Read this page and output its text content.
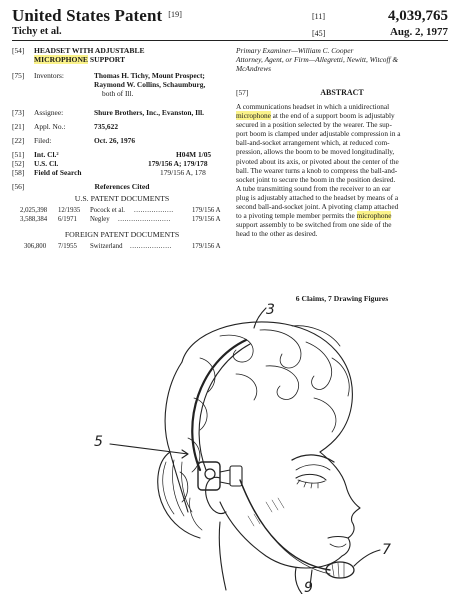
United States Patent [19]
Tichy et al.
[11]	4,039,765
[45]	Aug. 2, 1977
[54] HEADSET WITH ADJUSTABLE
MICROPHONE SUPPORT
[75] Inventors:	Thomas H. Tichy, Mount Prospect;
Raymond W. Collins, Schaumburg,
both of Ill.
[73] Assignee:	Shure Brothers, Inc., Evanston, Ill.
[21] Appl. No.:	735,622
[22] Filed:	Oct. 26, 1976
[51] Int. Cl.²	H04M 1/05
[52] U.S. Cl.	179/156 A; 179/178
[58] Field of Search	179/156 A, 178
[56]	References Cited
U.S. PATENT DOCUMENTS
2,025,398 12/1935 Pocock et al. ..................	179/156 A
3,588,384 6/1971 Negley ........................	179/156 A
FOREIGN PATENT DOCUMENTS
306,800 7/1955 Switzerland ...................	179/156 A
Primary Examiner—William C. Cooper
Attorney, Agent, or Firm—Allegretti, Newitt, Witcoff &
McAndrews
[57]	ABSTRACT
A communications headset in which a unidirectional
microphone at the end of a support boom is adjustably
secured in a position selected by the wearer. The sup-
port boom is clamped under adjustable compression in a
ball-and-socket arrangement which, at reduced com-
pression, allows the boom to be moved longitudinally,
pivoted about its axis, or pivoted about the center of the
ball. The wearer turns a knob to compress the ball-and-
socket joint to secure the boom in the position desired.
A tube transmitting sound from the receiver to an ear
plug is adjustably attached to the headset by means of a
second ball-and-socket joint. A pivoting clamp attached
to a pivoting temple member permits the microphone
support assembly to be switched from one side of the
head to the other as desired.
6 Claims, 7 Drawing Figures
3
5
7
9
